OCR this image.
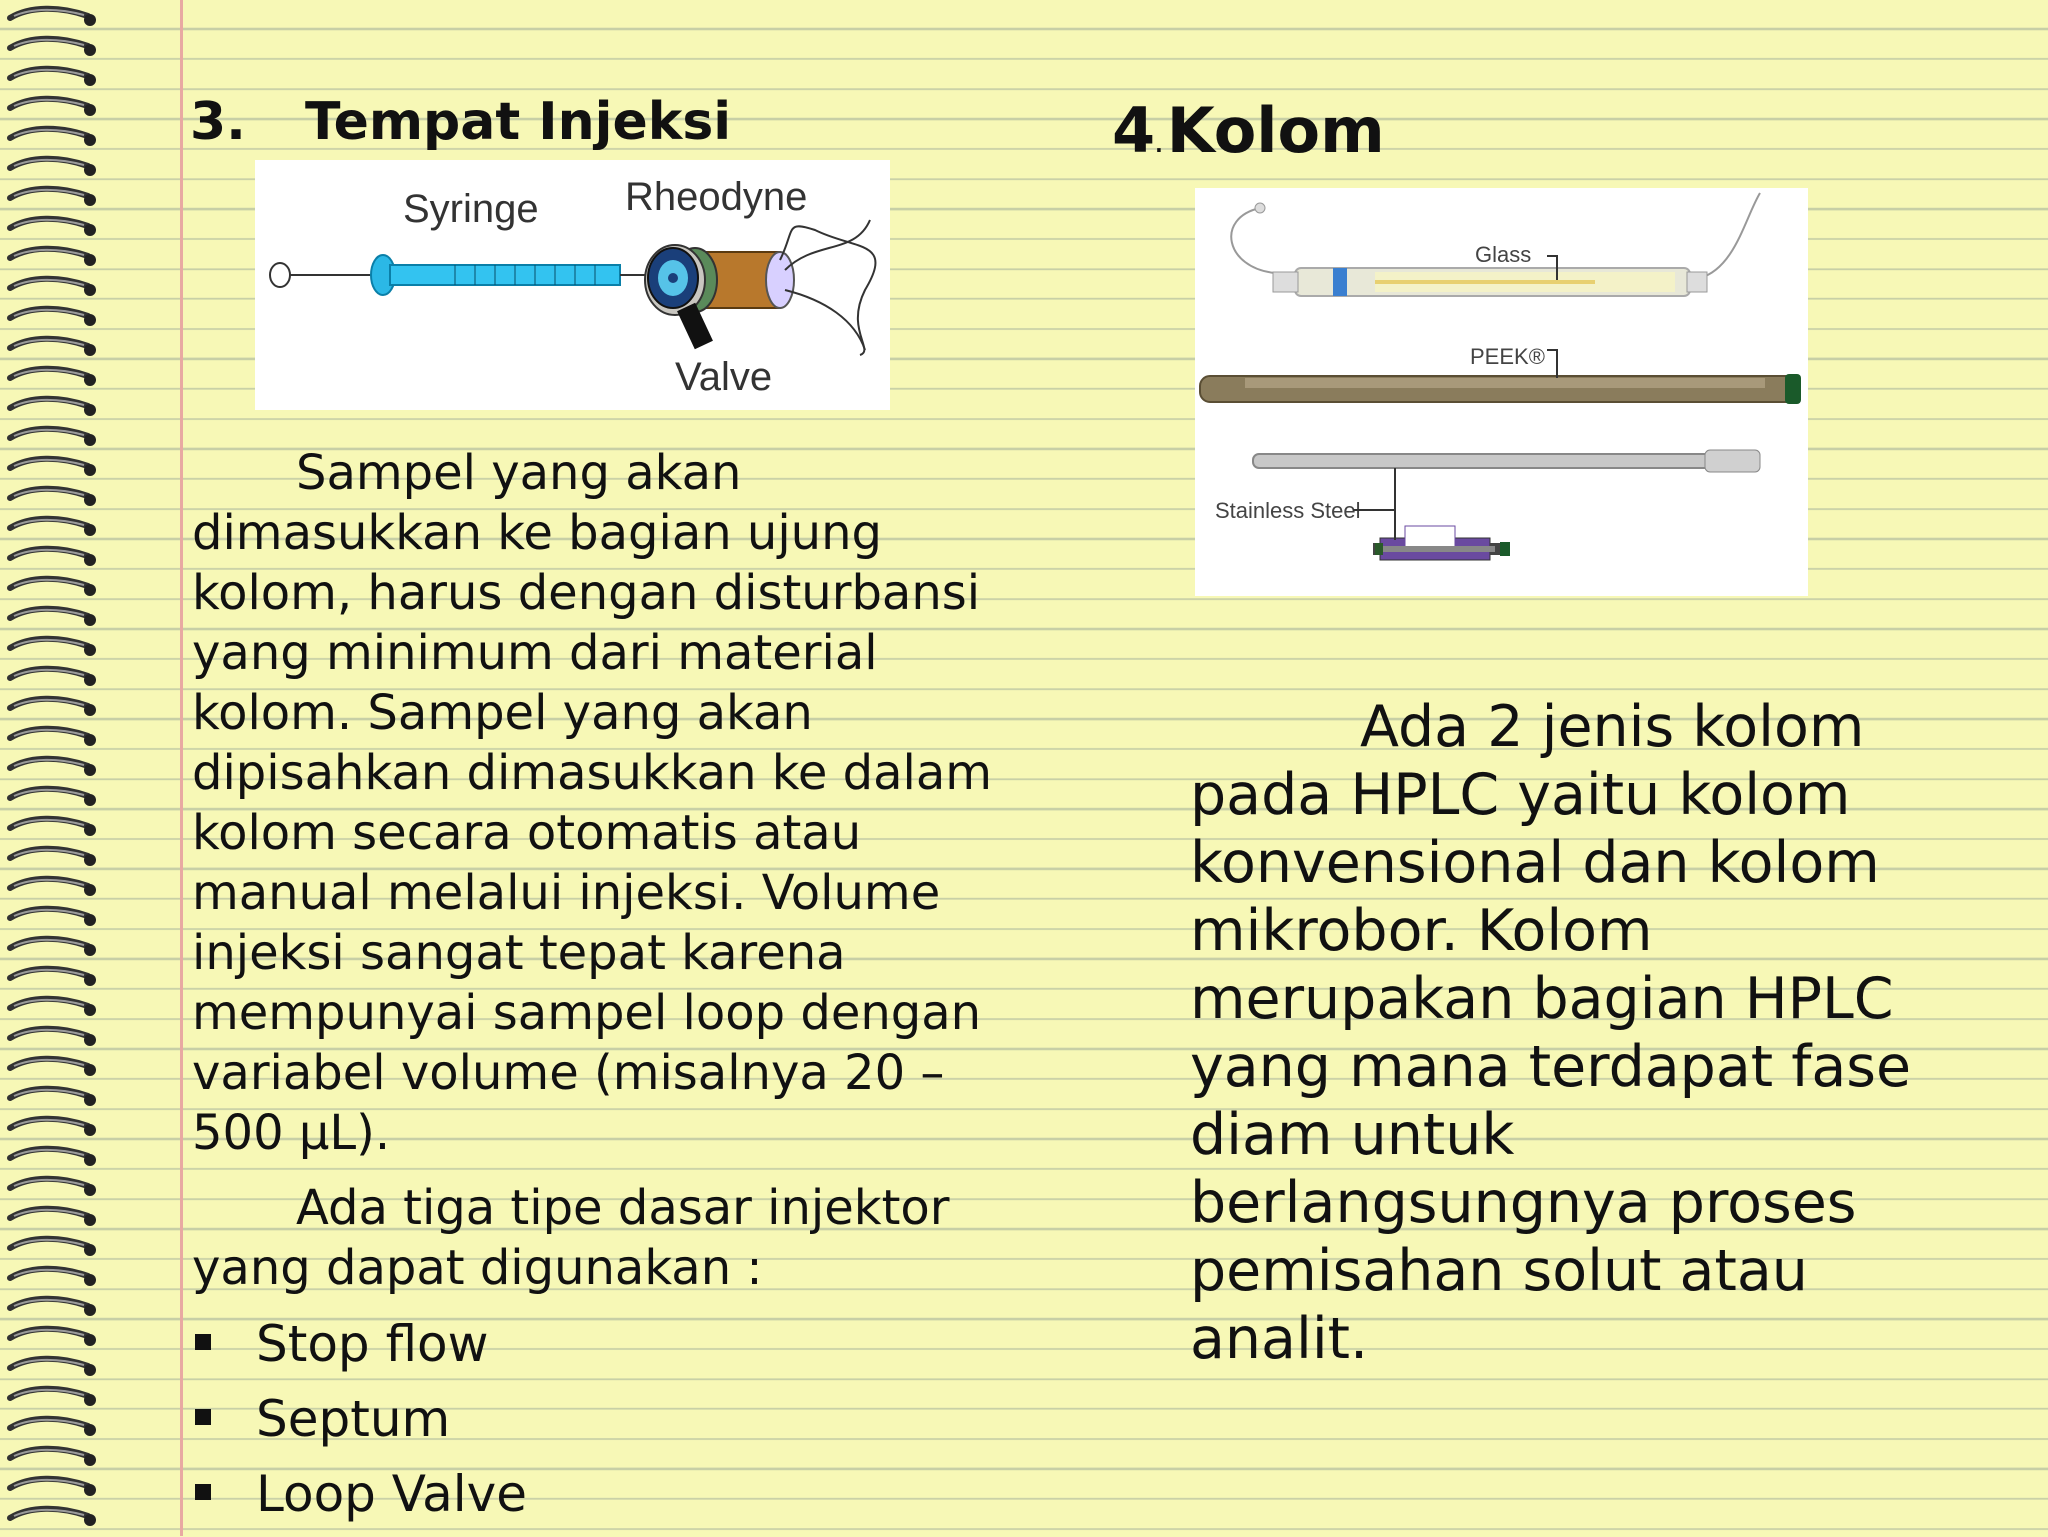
3. Tempat Injeksi
Syringe Rheodyne
Valve
Sampel yang akan
dimasukkan ke bagian ujung
kolom, harus dengan disturbansi
yang minimum dari material
kolom. Sampel yang akan
dipisahkan dimasukkan ke dalam
kolom secara otomatis atau
manual melalui injeksi. Volume
injeksi sangat tepat karena
mempunyai sampel loop dengan
variabel volume (misalnya 20 –
500 μL).
Ada tiga tipe dasar injektor
yang dapat digunakan :
Stop flow
Septum
Loop Valve
4.Kolom
Glass
PEEK®
Stainless Steel
Ada 2 jenis kolom
pada HPLC yaitu kolom
konvensional dan kolom
mikrobor. Kolom
merupakan bagian HPLC
yang mana terdapat fase
diam untuk
berlangsungnya proses
pemisahan solut atau
analit.
